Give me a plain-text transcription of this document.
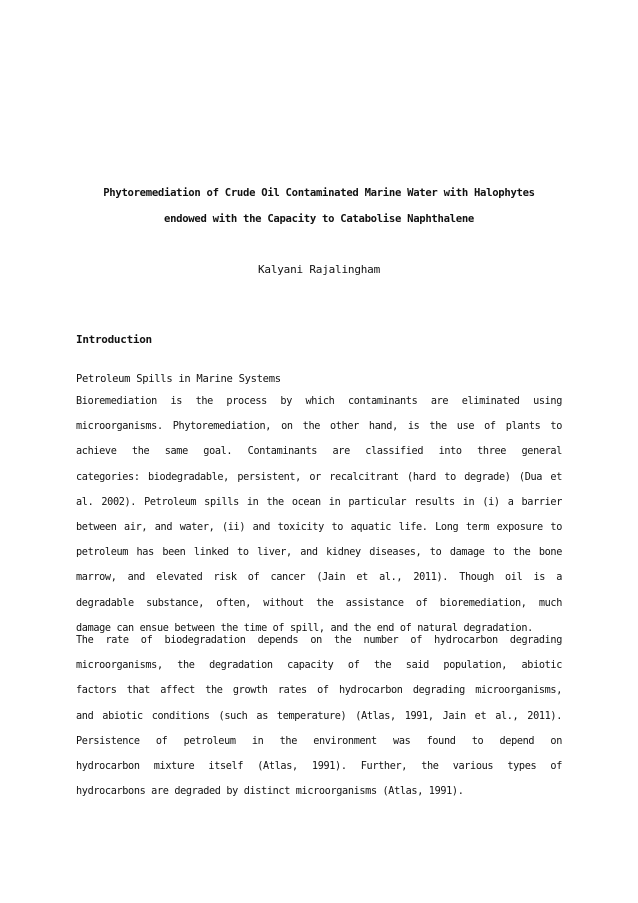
Phytoremediation of Crude Oil Contaminated Marine Water with Halophytes
endowed with the Capacity to Catabolise Naphthalene
Kalyani Rajalingham
Introduction
Petroleum Spills in Marine Systems
Bioremediation is the process by which contaminants are eliminated using
microorganisms. Phytoremediation, on the other hand, is the use of plants to
achieve the same goal. Contaminants are classified into three general
categories: biodegradable, persistent, or recalcitrant (hard to degrade) (Dua et
al. 2002). Petroleum spills in the ocean in particular results in (i) a barrier
between air, and water, (ii) and toxicity to aquatic life. Long term exposure to
petroleum has been linked to liver, and kidney diseases, to damage to the bone
marrow, and elevated risk of cancer (Jain et al., 2011). Though oil is a
degradable substance, often, without the assistance of bioremediation, much
damage can ensue between the time of spill, and the end of natural degradation.
The rate of biodegradation depends on the number of hydrocarbon degrading
microorganisms, the degradation capacity of the said population, abiotic
factors that affect the growth rates of hydrocarbon degrading microorganisms,
and abiotic conditions (such as temperature) (Atlas, 1991, Jain et al., 2011).
Persistence of petroleum in the environment was found to depend on
hydrocarbon mixture itself (Atlas, 1991). Further, the various types of
hydrocarbons are degraded by distinct microorganisms (Atlas, 1991).
